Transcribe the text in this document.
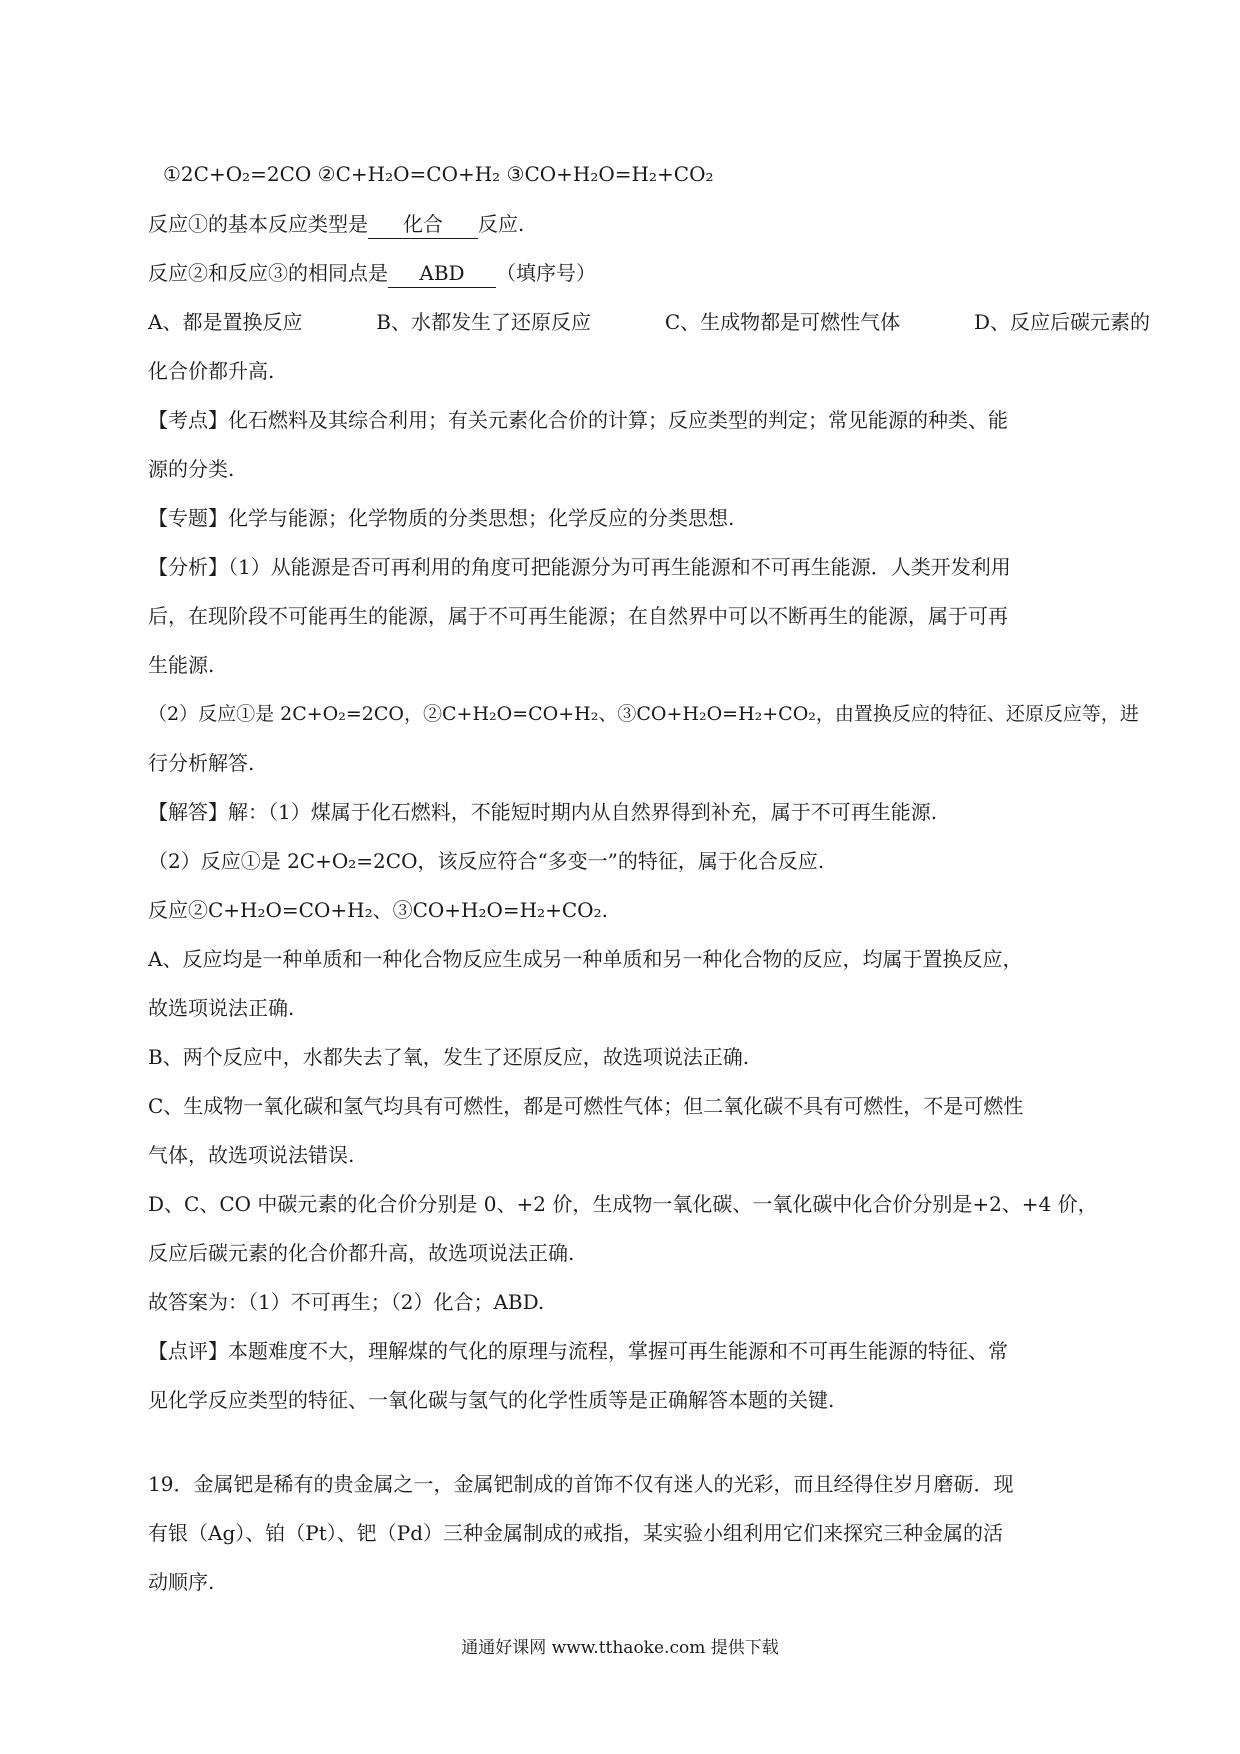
①2C+O₂=2CO ②C+H₂O=CO+H₂ ③CO+H₂O=H₂+CO₂
反应①的基本反应类型是 化合 反应.
反应②和反应③的相同点是 ABD （填序号）
A、都是置换反应	B、水都发生了还原反应	C、生成物都是可燃性气体	D、反应后碳元素的
化合价都升高.
【考点】化石燃料及其综合利用；有关元素化合价的计算；反应类型的判定；常见能源的种类、能
源的分类.
【专题】化学与能源；化学物质的分类思想；化学反应的分类思想.
【分析】（1）从能源是否可再利用的角度可把能源分为可再生能源和不可再生能源．人类开发利用
后，在现阶段不可能再生的能源，属于不可再生能源；在自然界中可以不断再生的能源，属于可再
生能源.
（2）反应①是 2C+O₂=2CO，②C+H₂O=CO+H₂、③CO+H₂O=H₂+CO₂，由置换反应的特征、还原反应等，进
行分析解答.
【解答】解：（1）煤属于化石燃料，不能短时期内从自然界得到补充，属于不可再生能源.
（2）反应①是 2C+O₂=2CO，该反应符合“多变一”的特征，属于化合反应.
反应②C+H₂O=CO+H₂、③CO+H₂O=H₂+CO₂.
A、反应均是一种单质和一种化合物反应生成另一种单质和另一种化合物的反应，均属于置换反应，
故选项说法正确.
B、两个反应中，水都失去了氧，发生了还原反应，故选项说法正确.
C、生成物一氧化碳和氢气均具有可燃性，都是可燃性气体；但二氧化碳不具有可燃性，不是可燃性
气体，故选项说法错误.
D、C、CO 中碳元素的化合价分别是 0、+2 价，生成物一氧化碳、一氧化碳中化合价分别是+2、+4 价，
反应后碳元素的化合价都升高，故选项说法正确.
故答案为：（1）不可再生；（2）化合；ABD.
【点评】本题难度不大，理解煤的气化的原理与流程，掌握可再生能源和不可再生能源的特征、常
见化学反应类型的特征、一氧化碳与氢气的化学性质等是正确解答本题的关键.
19．金属钯是稀有的贵金属之一，金属钯制成的首饰不仅有迷人的光彩，而且经得住岁月磨砺．现
有银（Ag）、铂（Pt）、钯（Pd）三种金属制成的戒指，某实验小组利用它们来探究三种金属的活
动顺序.
通通好课网 www.tthaoke.com 提供下载
